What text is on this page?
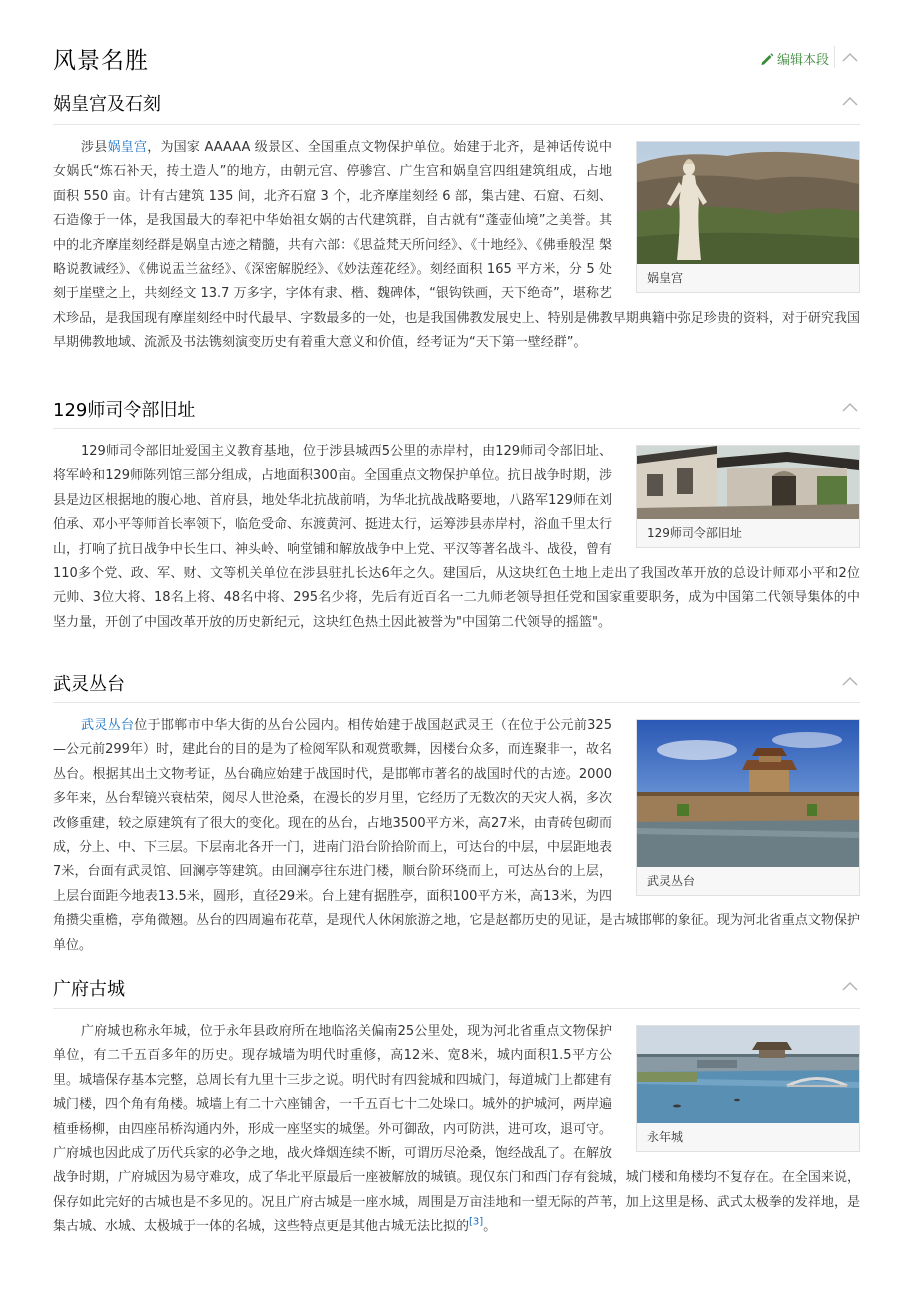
风景名胜	编辑本段
娲皇宫及石刻
娲皇宫
涉县娲皇宫，为国家 AAAAA 级景区、全国重点文物保护单位。始建于北齐，是神话传说中女娲氏“炼石补天，抟土造人”的地方，由朝元宫、停骖宫、广生宫和娲皇宫四组建筑组成，占地面积 550 亩。计有古建筑 135 间，北齐石窟 3 个，北齐摩崖刻经 6 部，集古建、石窟、石刻、石造像于一体，是我国最大的奉祀中华始祖女娲的古代建筑群，自古就有“蓬壶仙境”之美誉。其中的北齐摩崖刻经群是娲皇古迹之精髓，共有六部：《思益梵天所问经》、《十地经》、《佛垂般涅 槃 略说教诫经》、《佛说盂兰盆经》、《深密解脱经》、《妙法莲花经》。刻经面积 165 平方米，分 5 处刻于崖壁之上，共刻经文 13.7 万多字，字体有隶、楷、魏碑体，“银钩铁画，天下绝奇”，堪称艺术珍品，是我国现有摩崖刻经中时代最早、字数最多的一处，也是我国佛教发展史上、特别是佛教早期典籍中弥足珍贵的资料，对于研究我国早期佛教地域、流派及书法镌刻演变历史有着重大意义和价值，经考证为“天下第一壁经群”。
129师司令部旧址
129师司令部旧址
129师司令部旧址爱国主义教育基地，位于涉县城西5公里的赤岸村，由129师司令部旧址、将军岭和129师陈列馆三部分组成，占地面积300亩。全国重点文物保护单位。抗日战争时期，涉县是边区根据地的腹心地、首府县，地处华北抗战前哨，为华北抗战战略要地，八路军129师在刘伯承、邓小平等师首长率领下，临危受命、东渡黄河、挺进太行，运筹涉县赤岸村，浴血千里太行山，打响了抗日战争中长生口、神头岭、响堂铺和解放战争中上党、平汉等著名战斗、战役，曾有110多个党、政、军、财、文等机关单位在涉县驻扎长达6年之久。建国后，从这块红色土地上走出了我国改革开放的总设计师邓小平和2位元帅、3位大将、18名上将、48名中将、295名少将，先后有近百名一二九师老领导担任党和国家重要职务，成为中国第二代领导集体的中坚力量，开创了中国改革开放的历史新纪元，这块红色热土因此被誉为"中国第二代领导的摇篮"。
武灵丛台
武灵丛台
武灵丛台位于邯郸市中华大街的丛台公园内。相传始建于战国赵武灵王（在位于公元前325—公元前299年）时，建此台的目的是为了检阅军队和观赏歌舞，因楼台众多，而连聚非一，故名丛台。根据其出土文物考证，丛台确应始建于战国时代，是邯郸市著名的战国时代的古迹。2000多年来，丛台犁镜兴衰枯荣，阅尽人世沧桑，在漫长的岁月里，它经历了无数次的天灾人祸，多次改修重建，较之原建筑有了很大的变化。现在的丛台，占地3500平方米，高27米，由青砖包砌而成，分上、中、下三层。下层南北各开一门，进南门沿台阶拾阶而上，可达台的中层，中层距地表7米，台面有武灵馆、回澜亭等建筑。由回澜亭往东进门楼，顺台阶环绕而上，可达丛台的上层，上层台面距今地表13.5米，圆形，直径29米。台上建有据胜亭，面积100平方米，高13米，为四角攒尖重檐，亭角微翘。丛台的四周遍布花草，是现代人休闲旅游之地，它是赵都历史的见证，是古城邯郸的象征。现为河北省重点文物保护单位。
广府古城
永年城
广府城也称永年城，位于永年县政府所在地临洺关偏南25公里处，现为河北省重点文物保护单位，有二千五百多年的历史。现存城墙为明代时重修，高12米、宽8米，城内面积1.5平方公里。城墙保存基本完整，总周长有九里十三步之说。明代时有四瓮城和四城门，每道城门上都建有城门楼，四个角有角楼。城墙上有二十六座铺舍，一千五百七十二处垛口。城外的护城河，两岸遍植垂杨柳，由四座吊桥沟通内外，形成一座坚实的城堡。外可御敌，内可防洪，进可攻，退可守。广府城也因此成了历代兵家的必争之地，战火烽烟连续不断，可谓历尽沧桑，饱经战乱了。在解放战争时期，广府城因为易守难攻，成了华北平原最后一座被解放的城镇。现仅东门和西门存有瓮城，城门楼和角楼均不复存在。在全国来说，保存如此完好的古城也是不多见的。况且广府古城是一座水城，周围是万亩洼地和一望无际的芦苇，加上这里是杨、武式太极拳的发祥地，是集古城、水城、太极城于一体的名城，这些特点更是其他古城无法比拟的[3]。
